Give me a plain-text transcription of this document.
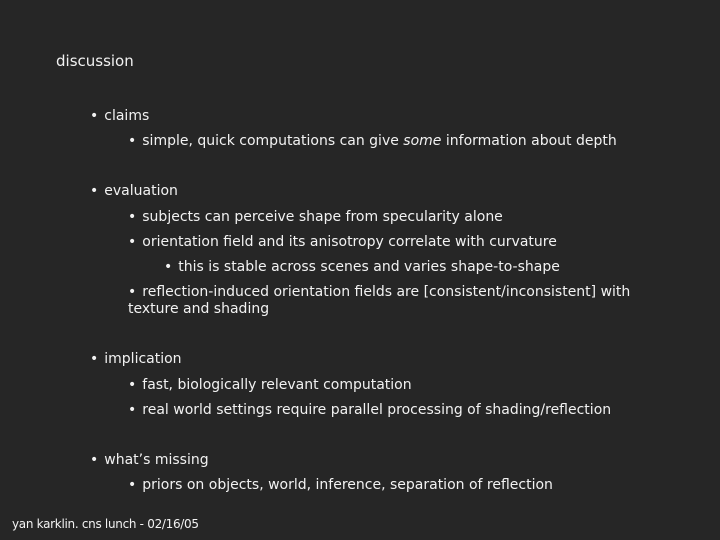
discussion
• claims
• simple, quick computations can give some information about depth
• evaluation
• subjects can perceive shape from specularity alone
• orientation field and its anisotropy correlate with curvature
• this is stable across scenes and varies shape-to-shape
• reflection-induced orientation fields are [consistent/inconsistent] with texture and shading
• implication
• fast, biologically relevant computation
• real world settings require parallel processing of shading/reflection
• what’s missing
• priors on objects, world, inference, separation of reflection
yan karklin. cns lunch - 02/16/05
